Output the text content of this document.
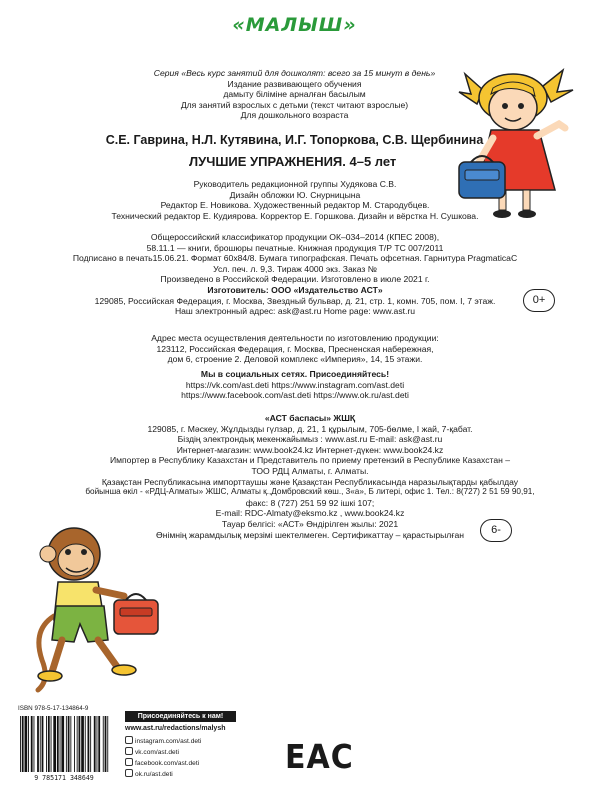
«МАЛЫШ»
Серия «Весь курс занятий для дошколят: всего за 15 минут в день»
Издание развивающего обучения
дамыту біліміне арналған басылым
Для занятий взрослых с детьми (текст читают взрослые)
Для дошкольного возраста
С.Е. Гаврина, Н.Л. Кутявина, И.Г. Топоркова, С.В. Щербинина
ЛУЧШИЕ УПРАЖНЕНИЯ. 4–5 лет
Руководитель редакционной группы Худякова С.В.
Дизайн обложки Ю. Снурницына
Редактор Е. Новикова. Художественный редактор М. Стародубцев.
Технический редактор Е. Кудиярова. Корректор Е. Горшкова. Дизайн и вёрстка Н. Сушкова.
Общероссийский классификатор продукции ОК–034–2014 (КПЕС 2008),
58.11.1 — книги, брошюры печатные. Книжная продукция Т/Р ТС 007/2011
Подписано в печать15.06.21. Формат 60x84/8. Бумага типографская. Печать офсетная. Гарнитура PragmaticaC
Усл. печ. л. 9,3. Тираж 4000 экз. Заказ №
Произведено в Российской Федерации. Изготовлено в июле 2021 г.
Изготовитель: ООО «Издательство АСТ»
129085, Российская Федерация, г. Москва, Звездный бульвар, д. 21, стр. 1, комн. 705, пом. I, 7 этаж.
Наш электронный адрес: ask@ast.ru Home page: www.ast.ru
0+
Адрес места осуществления деятельности по изготовлению продукции:
123112, Российская Федерация, г. Москва, Пресненская набережная,
дом 6, строение 2. Деловой комплекс «Империя», 14, 15 этажи.
Мы в социальных сетях. Присоединяйтесь!
https://vk.com/ast.deti https://www.instagram.com/ast.deti
https://www.facebook.com/ast.deti https://www.ok.ru/ast.deti
«АСТ баспасы» ЖШҚ
129085, г. Мәскеу, Жұлдызды гүлзар, д. 21, 1 құрылым, 705-бөлме, I жай, 7-қабат.
Біздің электрондық мекенжайымыз : www.ast.ru E-mail: ask@ast.ru
Интернет-магазин: www.book24.kz Интернет-дүкен: www.book24.kz
Импортер в Республику Казахстан и Представитель по приему претензий в Республике Казахстан –
ТОО РДЦ Алматы, г. Алматы.
Қазақстан Республикасына импорттаушы және Қазақстан Республикасында наразылықтарды қабылдау
бойынша өкіл - «РДЦ-Алматы» ЖШС, Алматы қ.,Домбровский көш., 3«а», Б литері, офис 1. Тел.: 8(727) 2 51 59 90,91,
факс: 8 (727) 251 59 92 ішкі 107;
E-mail: RDC-Almaty@eksmo.kz , www.book24.kz
Тауар белгісі: «АСТ» Өндірілген жылы: 2021
Өнімнің жарамдылық мерзімі шектелмеген. Сертификаттау – қарастырылған	6-
ISBN 978-5-17-134864-9
9 785171 348649
Присоединяйтесь к нам!
www.ast.ru/redactions/malysh
instagram.com/ast.deti
vk.com/ast.deti
facebook.com/ast.deti
ok.ru/ast.deti	EAC
